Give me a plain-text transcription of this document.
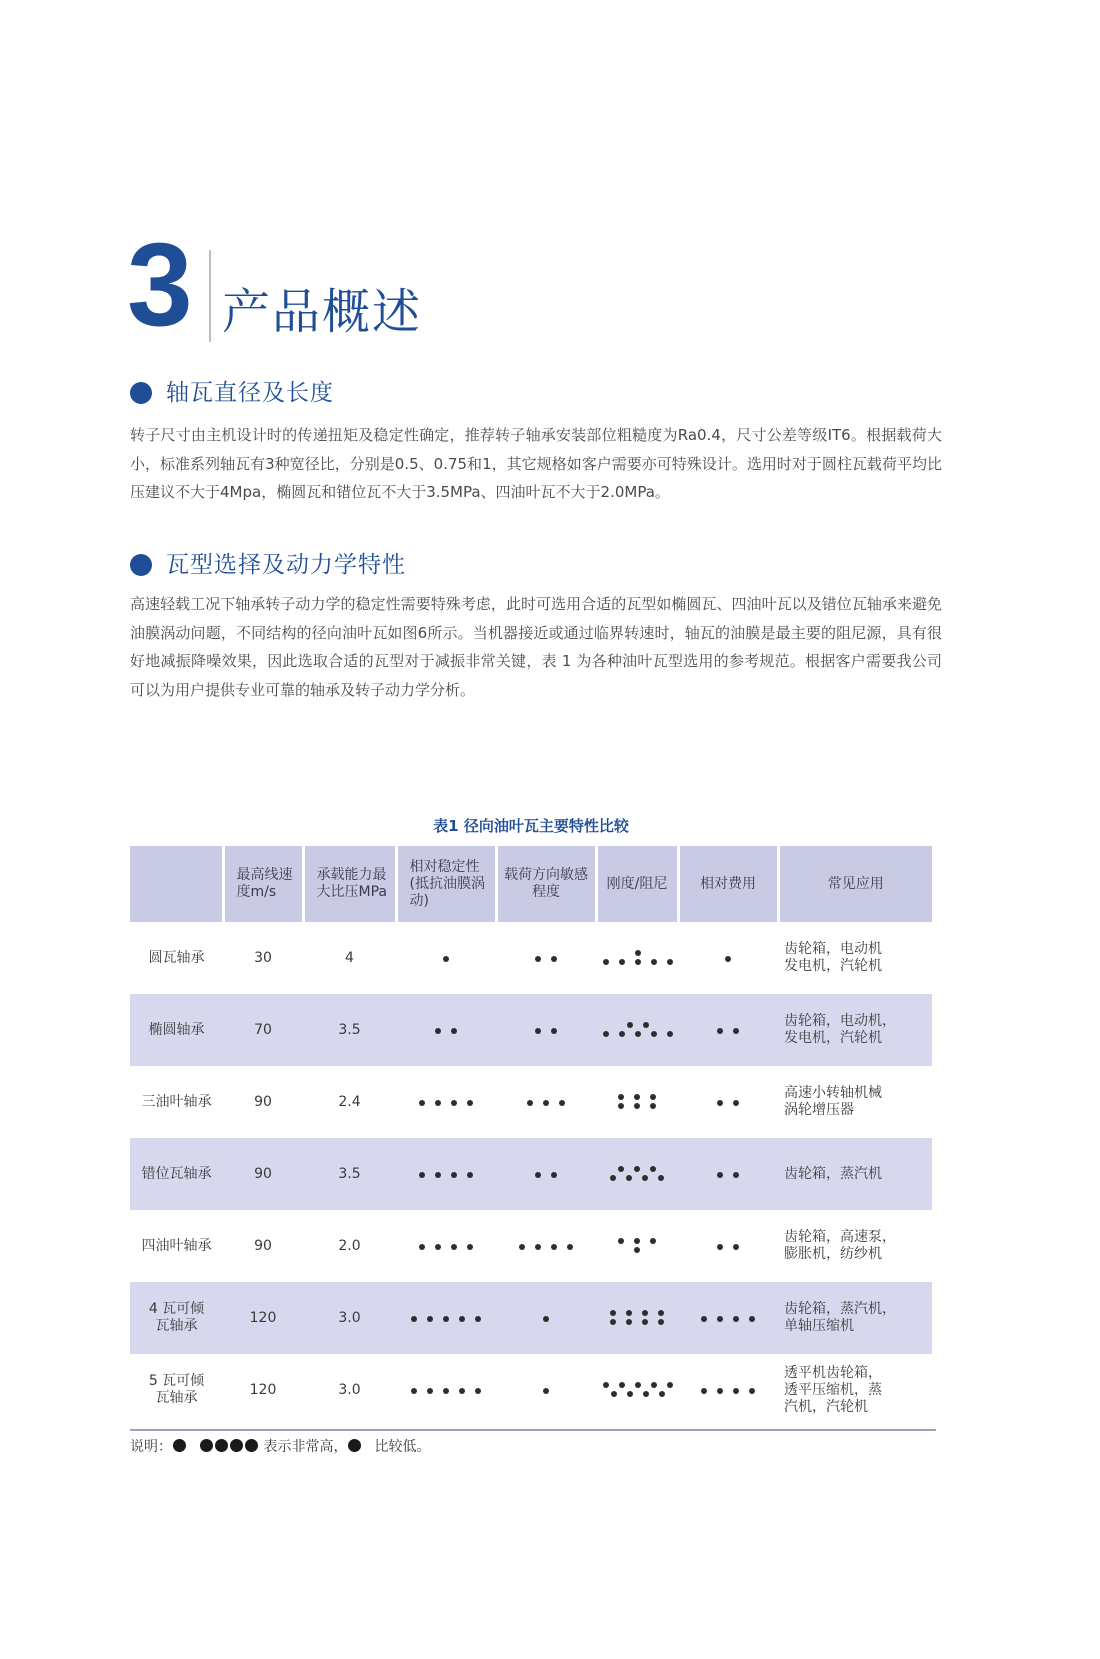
3 产品概述
轴瓦直径及长度
转子尺寸由主机设计时的传递扭矩及稳定性确定，推荐转子轴承安装部位粗糙度为Ra0.4，尺寸公差等级IT6。根据载荷大小，标准系列轴瓦有3种宽径比，分别是0.5、0.75和1，其它规格如客户需要亦可特殊设计。选用时对于圆柱瓦载荷平均比压建议不大于4Mpa，椭圆瓦和错位瓦不大于3.5MPa、四油叶瓦不大于2.0MPa。
瓦型选择及动力学特性
高速轻载工况下轴承转子动力学的稳定性需要特殊考虑，此时可选用合适的瓦型如椭圆瓦、四油叶瓦以及错位瓦轴承来避免油膜涡动问题，不同结构的径向油叶瓦如图6所示。当机器接近或通过临界转速时，轴瓦的油膜是最主要的阻尼源，具有很好地减振降噪效果，因此选取合适的瓦型对于减振非常关键，表 1 为各种油叶瓦型选用的参考规范。根据客户需要我公司可以为用户提供专业可靠的轴承及转子动力学分析。
表1 径向油叶瓦主要特性比较
	最高线速度m/s	承载能力最大比压MPa	相对稳定性(抵抗油膜涡动)	载荷方向敏感程度	刚度/阻尼	相对费用	常见应用
圆瓦轴承	30	4					齿轮箱，电动机
发电机，汽轮机
椭圆轴承	70	3.5					齿轮箱，电动机，
发电机，汽轮机
三油叶轴承	90	2.4					高速小转轴机械
涡轮增压器
错位瓦轴承	90	3.5					齿轮箱，蒸汽机
四油叶轴承	90	2.0					齿轮箱，高速泵，
膨胀机，纺纱机
4 瓦可倾
瓦轴承	120	3.0					齿轮箱，蒸汽机，
单轴压缩机
5 瓦可倾
瓦轴承	120	3.0					透平机齿轮箱，
透平压缩机，蒸
汽机，汽轮机
说明：	表示非常高， 比较低。
